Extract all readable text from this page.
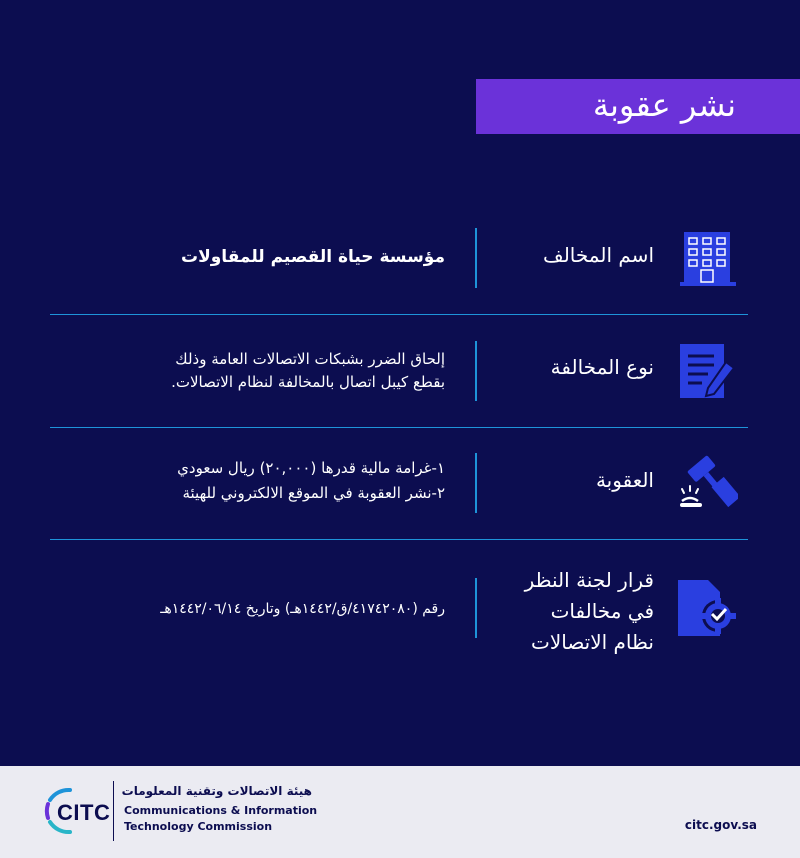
نشر عقوبة
اسم المخالف
مؤسسة حياة القصيم للمقاولات
نوع المخالفة
إلحاق الضرر بشبكات الاتصالات العامة وذلك
بقطع كيبل اتصال بالمخالفة لنظام الاتصالات.
العقوبة
١-غرامة مالية قدرها (٢٠,٠٠٠) ريال سعودي
٢-نشر العقوبة في الموقع الالكتروني للهيئة
قرار لجنة النظر
في مخالفات
نظام الاتصالات
رقم (٤١٧٤٢٠٨٠/ق/١٤٤٢هـ) وتاريخ ١٤٤٢/٠٦/١٤هـ
CITC
هيئة الاتصالات وتقنية المعلومات
Communications & Information
Technology Commission	citc.gov.sa
